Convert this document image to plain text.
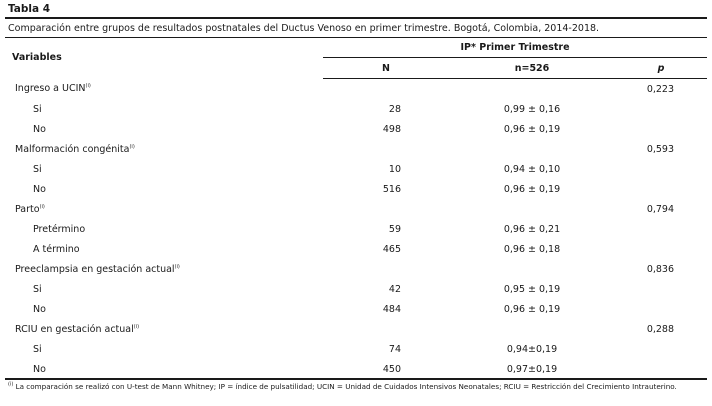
Tabla 4
Comparación entre grupos de resultados postnatales del Ductus Venoso en primer trimestre. Bogotá, Colombia, 2014-2018.
Variables	IP* Primer Trimestre		
	N	n=526	p
Ingreso a UCIN$^{(i)}$			0,223
Si	28	0,99 ± 0,16	
No	498	0,96 ± 0,19	
Malformación congénita$^{(i)}$			0,593
Si	10	0,94 ± 0,10	
No	516	0,96 ± 0,19	
Parto$^{(i)}$			0,794
Pretérmino	59	0,96 ± 0,21	
A término	465	0,96 ± 0,18	
Preeclampsia en gestación actual$^{(i)}$			0,836
Si	42	0,95 ± 0,19	
No	484	0,96 ± 0,19	
RCIU en gestación actual$^{(i)}$			0,288
Si	74	0,94±0,19	
No	450	0,97±0,19	
$^{(i)}$ La comparación se realizó con U-test de Mann Whitney; IP = índice de pulsatilidad; UCIN = Unidad de Cuidados Intensivos Neonatales; RCIU = Restricción del Crecimiento Intrauterino.
